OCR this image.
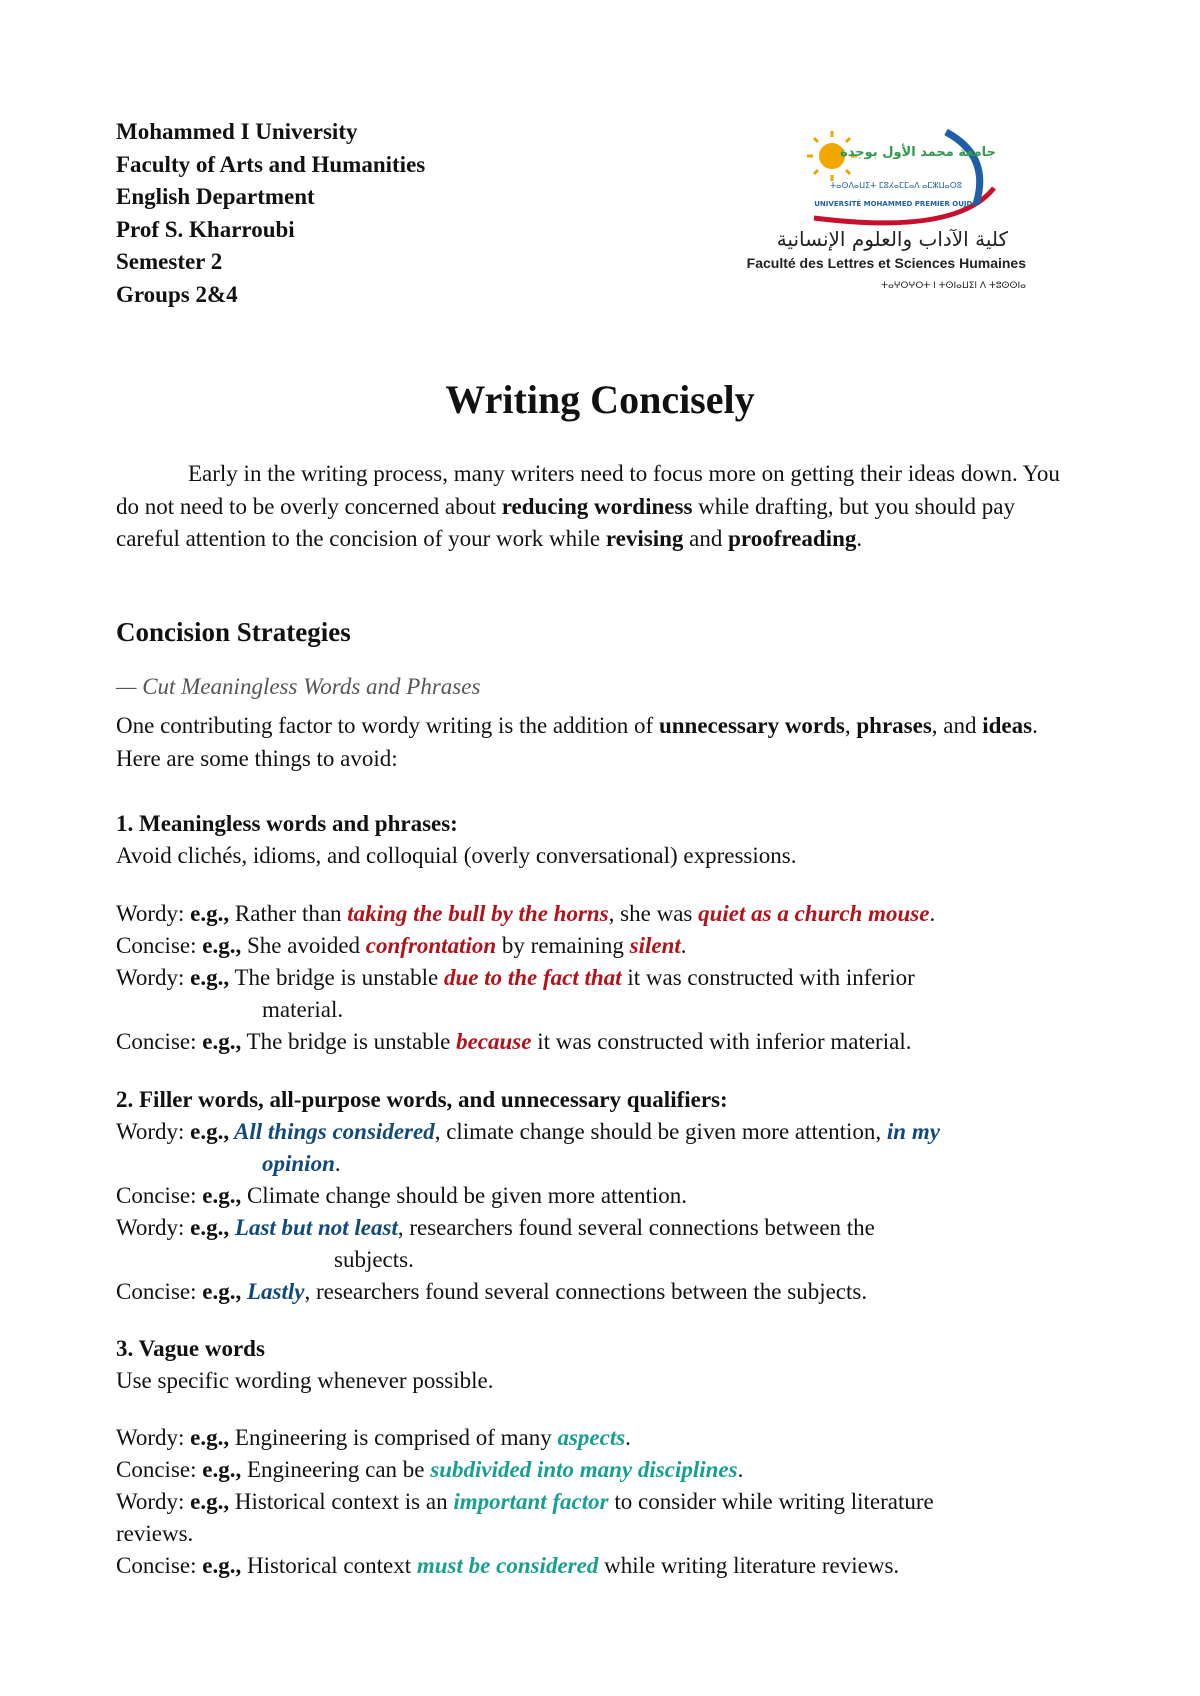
Mohammed I University
Faculty of Arts and Humanities
English Department
Prof S. Kharroubi
Semester 2
Groups 2&4
جامعة محمد الأول بوجدة
ⵜⴰⵙⴷⴰⵡⵉⵜ ⵎⵓⵃⴰⵎⵎⴰⴷ ⴰⵎⵣⵡⴰⵔⵓ
UNIVERSITÉ MOHAMMED PREMIER OUJDA
كلية الآداب والعلوم الإنسانية
Faculté des Lettres et Sciences Humaines
ⵜⴰⵖⵔⵖⵔⵜ ⵏ ⵜⵙⵏⴰⵡⵉⵏ ⴷ ⵜⵓⵙⵙⵏⴰ
Writing Concisely
Early in the writing process, many writers need to focus more on getting their ideas down. You do not need to be overly concerned about reducing wordiness while drafting, but you should pay careful attention to the concision of your work while revising and proofreading.
Concision Strategies
— Cut Meaningless Words and Phrases
One contributing factor to wordy writing is the addition of unnecessary words, phrases, and ideas. Here are some things to avoid:
1. Meaningless words and phrases:
Avoid clichés, idioms, and colloquial (overly conversational) expressions.
Wordy: e.g., Rather than taking the bull by the horns, she was quiet as a church mouse.
Concise: e.g., She avoided confrontation by remaining silent.
Wordy: e.g., The bridge is unstable due to the fact that it was constructed with inferior
material.
Concise: e.g., The bridge is unstable because it was constructed with inferior material.
2. Filler words, all-purpose words, and unnecessary qualifiers:
Wordy: e.g., All things considered, climate change should be given more attention, in my
opinion.
Concise: e.g., Climate change should be given more attention.
Wordy: e.g., Last but not least, researchers found several connections between the
subjects.
Concise: e.g., Lastly, researchers found several connections between the subjects.
3. Vague words
Use specific wording whenever possible.
Wordy: e.g., Engineering is comprised of many aspects.
Concise: e.g., Engineering can be subdivided into many disciplines.
Wordy: e.g., Historical context is an important factor to consider while writing literature
reviews.
Concise: e.g., Historical context must be considered while writing literature reviews.
